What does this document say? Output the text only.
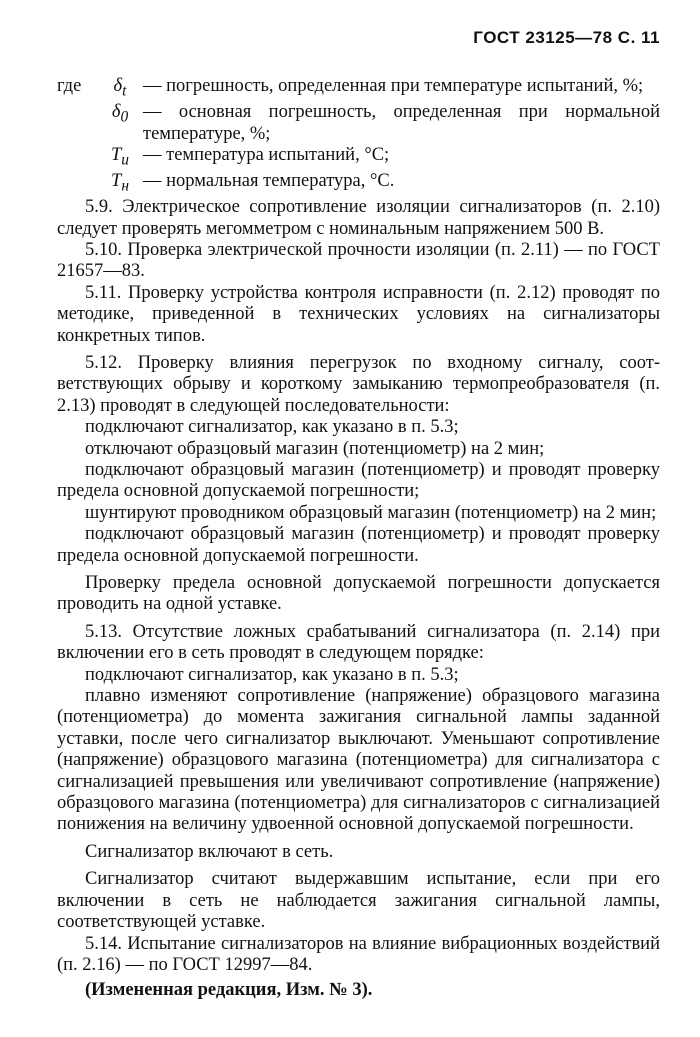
ГОСТ 23125—78 С. 11
где	$\delta_t$ — погрешность, определенная при температуре испытаний, %;
$\delta_0$ — основная погрешность, определенная при нормальной температуре, %;
$T_и$ — температура испытаний, °С;
$T_н$ — нормальная температура, °С.

5.9. Электрическое сопротивление изоляции сигнализаторов (п. 2.10) следует проверять мегомметром с номинальным напряжением 500 В.

5.10. Проверка электрической прочности изоляции (п. 2.11) — по ГОСТ 21657—83.

5.11. Проверку устройства контроля исправности (п. 2.12) проводят по методике, приведенной в технических условиях на сигнализаторы конкретных типов.

5.12. Проверку влияния перегрузок по входному сигналу, соответствующих обрыву и короткому замыканию термопреобразователя (п. 2.13) проводят в следующей последовательности:

подключают сигнализатор, как указано в п. 5.3;

отключают образцовый магазин (потенциометр) на 2 мин;

подключают образцовый магазин (потенциометр) и проводят проверку предела основной допускаемой погрешности;

шунтируют проводником образцовый магазин (потенциометр) на 2 мин;

подключают образцовый магазин (потенциометр) и проводят проверку предела основной допускаемой погрешности.

Проверку предела основной допускаемой погрешности допускается проводить на одной уставке.

5.13. Отсутствие ложных срабатываний сигнализатора (п. 2.14) при включении его в сеть проводят в следующем порядке:

подключают сигнализатор, как указано в п. 5.3;

плавно изменяют сопротивление (напряжение) образцового магазина (потенциометра) до момента зажигания сигнальной лампы заданной уставки, после чего сигнализатор выключают. Уменьшают сопротивление (напряжение) образцового магазина (потенциометра) для сигнализатора с сигнализацией превышения или увеличивают сопротивление (напряжение) образцового магазина (потенциометра) для сигнализаторов с сигнализацией понижения на величину удвоенной основной допускаемой погрешности.

Сигнализатор включают в сеть.

Сигнализатор считают выдержавшим испытание, если при его включении в сеть не наблюдается зажигания сигнальной лампы, соответствующей уставке.

5.14. Испытание сигнализаторов на влияние вибрационных воздействий (п. 2.16) — по ГОСТ 12997—84.

(Измененная редакция, Изм. № 3).
